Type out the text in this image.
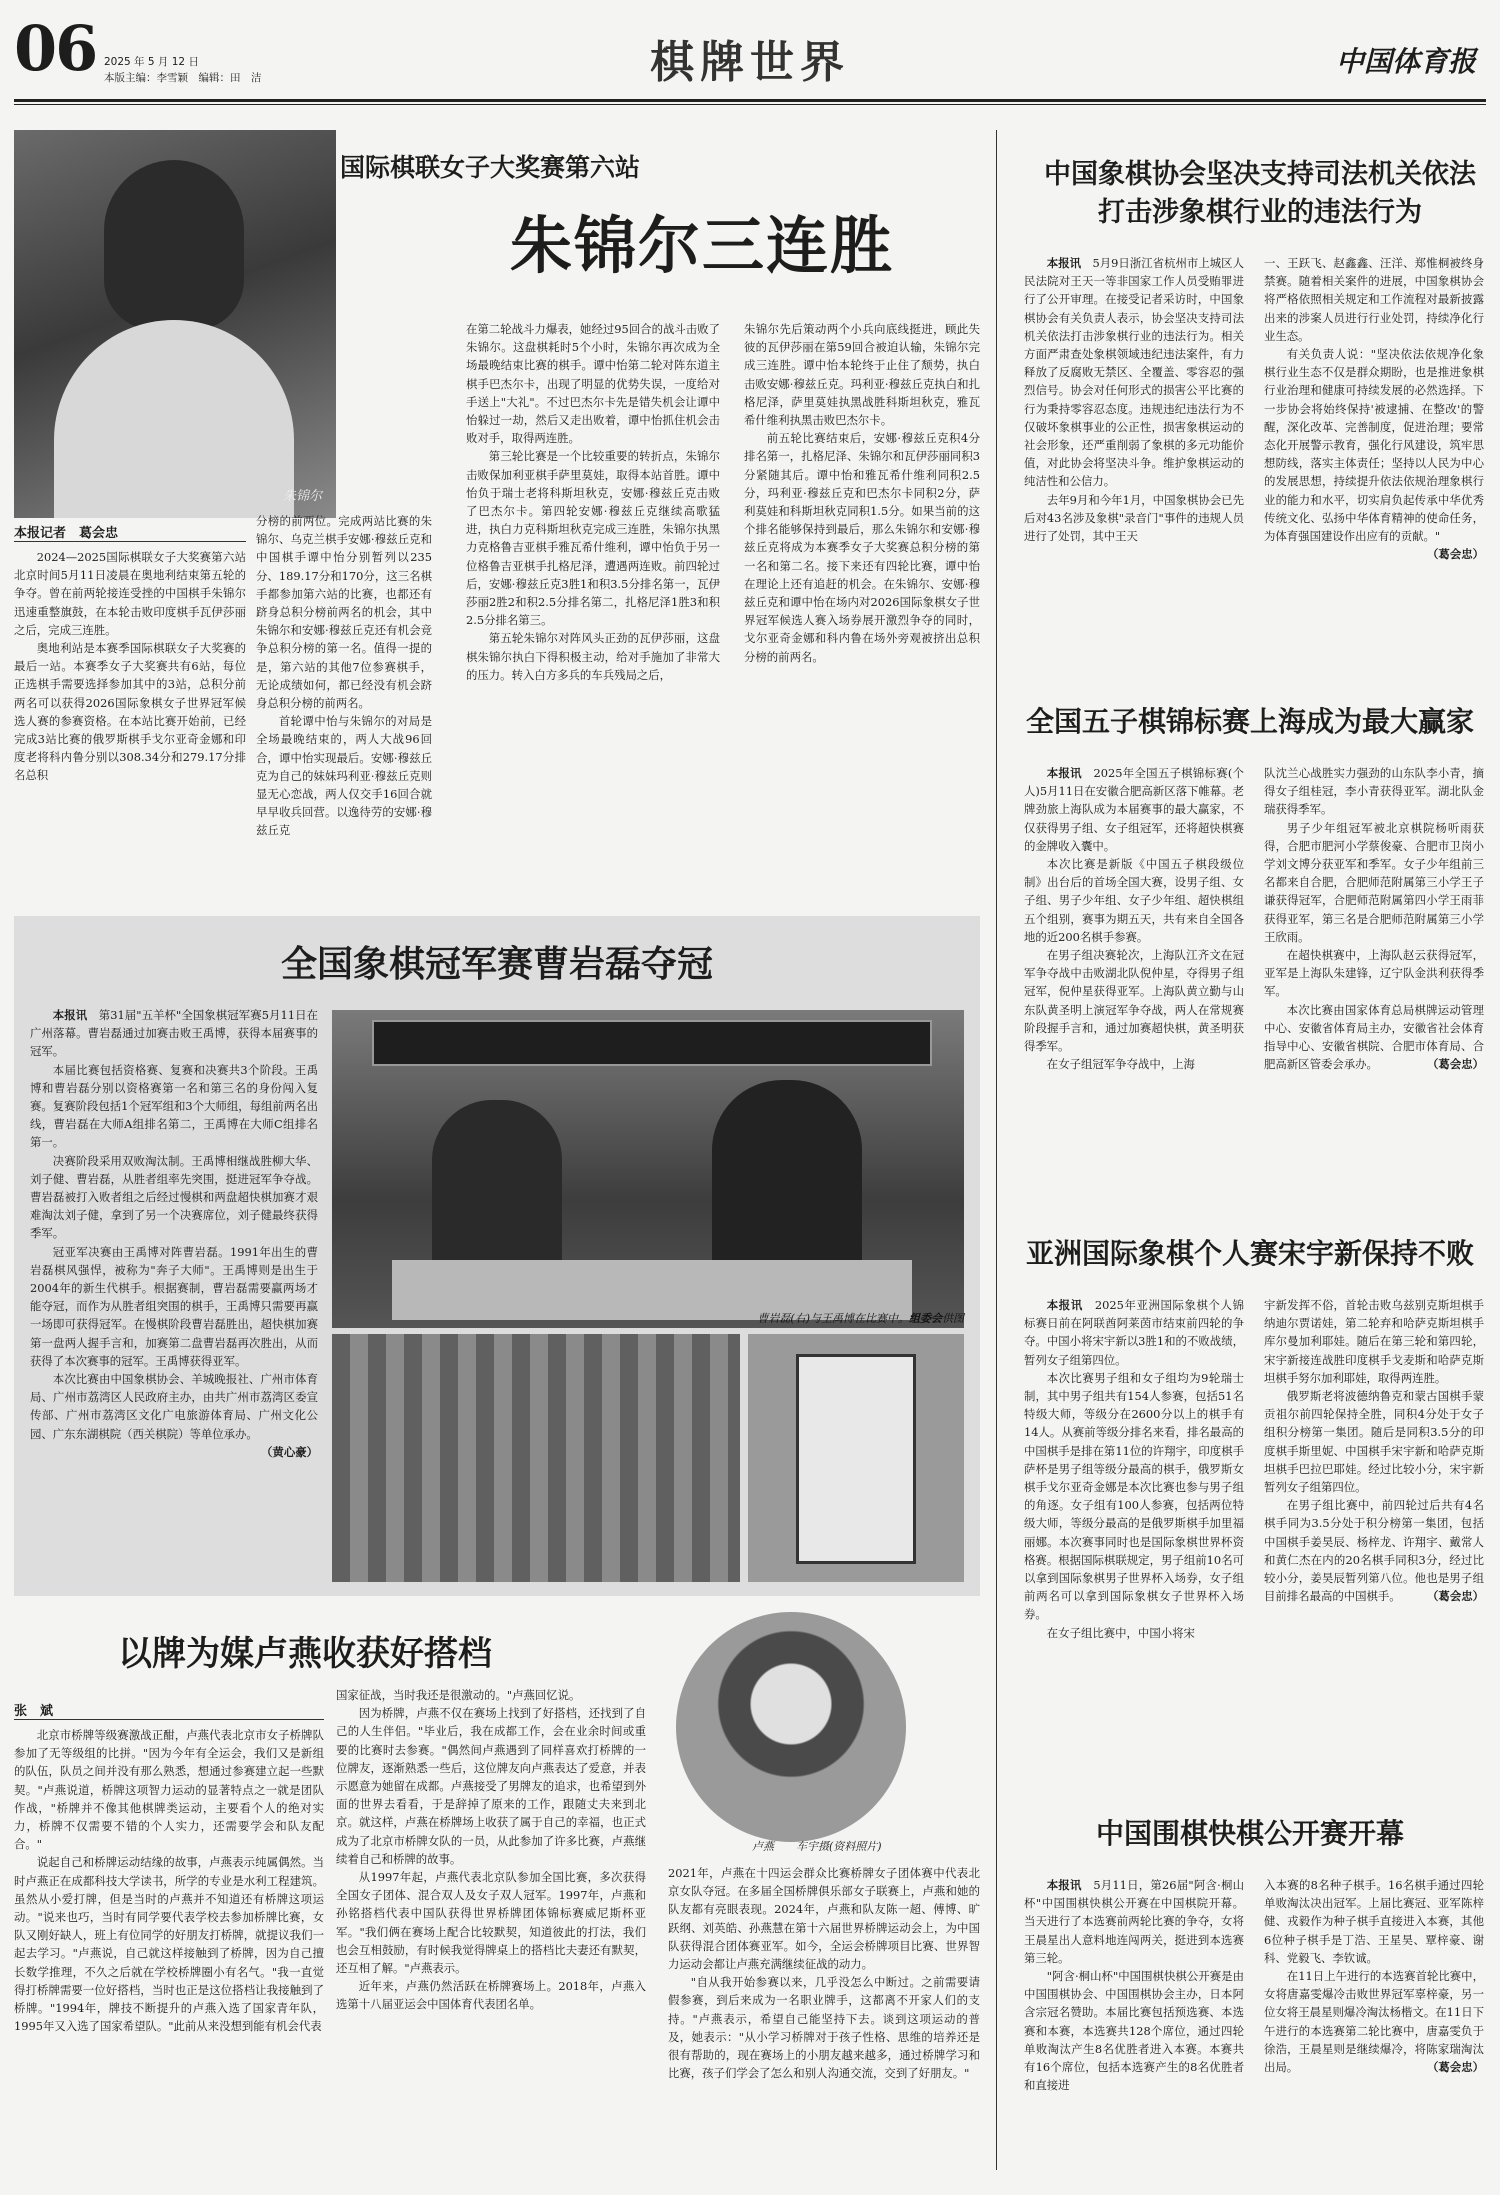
06 2025 年 5 月 12 日
本版主编：李雪颖　编辑：田　洁	棋牌世界	中国体育报
朱锦尔
国际棋联女子大奖赛第六站
朱锦尔三连胜
本报记者　 葛会忠

2024—2025国际棋联女子大奖赛第六站北京时间5月11日凌晨在奥地利结束第五轮的争夺。曾在前两轮接连受挫的中国棋手朱锦尔迅速重整旗鼓，在本轮击败印度棋手瓦伊莎丽之后，完成三连胜。

奥地利站是本赛季国际棋联女子大奖赛的最后一站。本赛季女子大奖赛共有6站，每位正选棋手需要选择参加其中的3站，总积分前两名可以获得2026国际象棋女子世界冠军候选人赛的参赛资格。在本站比赛开始前，已经完成3站比赛的俄罗斯棋手戈尔亚奇金娜和印度老将科内鲁分别以308.34分和279.17分排名总积

分榜的前两位。完成两站比赛的朱锦尔、乌克兰棋手安娜·穆兹丘克和中国棋手谭中怡分别暂列以235分、189.17分和170分，这三名棋手都参加第六站的比赛，也都还有跻身总积分榜前两名的机会，其中朱锦尔和安娜·穆兹丘克还有机会竞争总积分榜的第一名。值得一提的是，第六站的其他7位参赛棋手，无论成绩如何，都已经没有机会跻身总积分榜的前两名。

首轮谭中怡与朱锦尔的对局是全场最晚结束的，两人大战96回合，谭中怡实现最后。安娜·穆兹丘克为自己的妹妹玛利亚·穆兹丘克则显无心恋战，两人仅交手16回合就早早收兵回营。以逸待劳的安娜·穆兹丘克

在第二轮战斗力爆表，她经过95回合的战斗击败了朱锦尔。这盘棋耗时5个小时，朱锦尔再次成为全场最晚结束比赛的棋手。谭中怡第二轮对阵东道主棋手巴杰尔卡，出现了明显的优势失误，一度给对手送上"大礼"。不过巴杰尔卡先是错失机会让谭中怡躲过一劫，然后又走出败着，谭中怡抓住机会击败对手，取得两连胜。

第三轮比赛是一个比较重要的转折点，朱锦尔击败保加利亚棋手萨里莫娃，取得本站首胜。谭中怡负于瑞士老将科斯坦秋克，安娜·穆兹丘克击败了巴杰尔卡。第四轮安娜·穆兹丘克继续高歌猛进，执白力克科斯坦秋克完成三连胜，朱锦尔执黑力克格鲁吉亚棋手雅瓦希什维利，谭中怡负于另一位格鲁吉亚棋手扎格尼泽，遭遇两连败。前四轮过后，安娜·穆兹丘克3胜1和积3.5分排名第一，瓦伊莎丽2胜2和积2.5分排名第二，扎格尼泽1胜3和积2.5分排名第三。

第五轮朱锦尔对阵风头正劲的瓦伊莎丽，这盘棋朱锦尔执白下得积极主动，给对手施加了非常大的压力。转入白方多兵的车兵残局之后，

朱锦尔先后策动两个小兵向底线挺进，顾此失彼的瓦伊莎丽在第59回合被迫认输，朱锦尔完成三连胜。谭中怡本轮终于止住了颓势，执白击败安娜·穆兹丘克。玛利亚·穆兹丘克执白和扎格尼泽，萨里莫娃执黑战胜科斯坦秋克，雅瓦希什维利执黑击败巴杰尔卡。

前五轮比赛结束后，安娜·穆兹丘克积4分排名第一，扎格尼泽、朱锦尔和瓦伊莎丽同积3分紧随其后。谭中怡和雅瓦希什维利同积2.5分，玛利亚·穆兹丘克和巴杰尔卡同积2分，萨利莫娃和科斯坦秋克同积1.5分。如果当前的这个排名能够保持到最后，那么朱锦尔和安娜·穆兹丘克将成为本赛季女子大奖赛总积分榜的第一名和第二名。接下来还有四轮比赛，谭中怡在理论上还有追赶的机会。在朱锦尔、安娜·穆兹丘克和谭中怡在场内对2026国际象棋女子世界冠军候选人赛入场券展开激烈争夺的同时，戈尔亚奇金娜和科内鲁在场外旁观被挤出总积分榜的前两名。

全国象棋冠军赛曹岩磊夺冠

本报讯　 第31届"五羊杯"全国象棋冠军赛5月11日在广州落幕。曹岩磊通过加赛击败王禹博，获得本届赛事的冠军。

本届比赛包括资格赛、复赛和决赛共3个阶段。王禹博和曹岩磊分别以资格赛第一名和第三名的身份闯入复赛。复赛阶段包括1个冠军组和3个大师组，每组前两名出线，曹岩磊在大师A组排名第二，王禹博在大师C组排名第一。

决赛阶段采用双败淘汰制。王禹博相继战胜柳大华、刘子健、曹岩磊，从胜者组率先突围，挺进冠军争夺战。曹岩磊被打入败者组之后经过慢棋和两盘超快棋加赛才艰难淘汰刘子健，拿到了另一个决赛席位，刘子健最终获得季军。

冠亚军决赛由王禹博对阵曹岩磊。1991年出生的曹岩磊棋风强悍，被称为"奔子大师"。王禹博则是出生于2004年的新生代棋手。根据赛制，曹岩磊需要赢两场才能夺冠，而作为从胜者组突围的棋手，王禹博只需要再赢一场即可获得冠军。在慢棋阶段曹岩磊胜出，超快棋加赛第一盘两人握手言和，加赛第二盘曹岩磊再次胜出，从而获得了本次赛事的冠军。王禹博获得亚军。

本次比赛由中国象棋协会、羊城晚报社、广州市体育局、广州市荔湾区人民政府主办，由共广州市荔湾区委宣传部、广州市荔湾区文化广电旅游体育局、广州文化公园、广东东湖棋院（西关棋院）等单位承办。
（黄心豪）

曹岩磊(右)与王禹博在比赛中。组委会供图
以牌为媒卢燕收获好搭档
张　斌

北京市桥牌等级赛激战正酣，卢燕代表北京市女子桥牌队参加了无等级组的比拼。"因为今年有全运会，我们又是新组的队伍，队员之间并没有那么熟悉，想通过参赛建立起一些默契。"卢燕说道，桥牌这项智力运动的显著特点之一就是团队作战，"桥牌并不像其他棋牌类运动，主要看个人的绝对实力，桥牌不仅需要不错的个人实力，还需要学会和队友配合。"

说起自己和桥牌运动结缘的故事，卢燕表示纯属偶然。当时卢燕正在成都科技大学读书，所学的专业是水利工程建筑。虽然从小爱打牌，但是当时的卢燕并不知道还有桥牌这项运动。"说来也巧，当时有同学要代表学校去参加桥牌比赛，女队又刚好缺人，班上有位同学的好朋友打桥牌，就提议我们一起去学习。"卢燕说，自己就这样接触到了桥牌，因为自己擅长数学推理，不久之后就在学校桥牌圈小有名气。"我一直觉得打桥牌需要一位好搭档，当时也正是这位搭档让我接触到了桥牌。"1994年，牌技不断提升的卢燕入选了国家青年队，1995年又入选了国家希望队。"此前从来没想到能有机会代表

国家征战，当时我还是很激动的。"卢燕回忆说。

因为桥牌，卢燕不仅在赛场上找到了好搭档，还找到了自己的人生伴侣。"毕业后，我在成都工作，会在业余时间或重要的比赛时去参赛。"偶然间卢燕遇到了同样喜欢打桥牌的一位牌友，逐渐熟悉一些后，这位牌友向卢燕表达了爱意，并表示愿意为她留在成都。卢燕接受了男牌友的追求，也希望到外面的世界去看看，于是辞掉了原来的工作，跟随丈夫来到北京。就这样，卢燕在桥牌场上收获了属于自己的幸福，也正式成为了北京市桥牌女队的一员，从此参加了许多比赛，卢燕继续着自己和桥牌的故事。

从1997年起，卢燕代表北京队参加全国比赛，多次获得全国女子团体、混合双人及女子双人冠军。1997年，卢燕和孙铭搭档代表中国队获得世界桥牌团体锦标赛威尼斯杯亚军。"我们俩在赛场上配合比较默契，知道彼此的打法，我们也会互相鼓励，有时候我觉得牌桌上的搭档比夫妻还有默契，还互相了解。"卢燕表示。

近年来，卢燕仍然活跃在桥牌赛场上。2018年，卢燕入选第十八届亚运会中国体育代表团名单。

卢燕　　 车宇摄(资料照片)

2021年，卢燕在十四运会群众比赛桥牌女子团体赛中代表北京女队夺冠。在多届全国桥牌俱乐部女子联赛上，卢燕和她的队友都有亮眼表现。2024年，卢燕和队友陈一超、傅博、旷跃纲、刘英皓、孙燕慧在第十六届世界桥牌运动会上，为中国队获得混合团体赛亚军。如今，全运会桥牌项目比赛、世界智力运动会都让卢燕充满继续征战的动力。

"自从我开始参赛以来，几乎没怎么中断过。之前需要请假参赛，到后来成为一名职业牌手，这都离不开家人们的支持。"卢燕表示，希望自己能坚持下去。谈到这项运动的普及，她表示："从小学习桥牌对于孩子性格、思维的培养还是很有帮助的，现在赛场上的小朋友越来越多，通过桥牌学习和比赛，孩子们学会了怎么和别人沟通交流，交到了好朋友。"

中国象棋协会坚决支持司法机关依法打击涉象棋行业的违法行为

本报讯　 5月9日浙江省杭州市上城区人民法院对王天一等非国家工作人员受贿罪进行了公开审理。在接受记者采访时，中国象棋协会有关负责人表示，协会坚决支持司法机关依法打击涉象棋行业的违法行为。相关方面严肃查处象棋领域违纪违法案件，有力释放了反腐败无禁区、全覆盖、零容忍的强烈信号。协会对任何形式的损害公平比赛的行为秉持零容忍态度。违规违纪违法行为不仅破坏象棋事业的公正性，损害象棋运动的社会形象，还严重削弱了象棋的多元功能价值，对此协会将坚决斗争。维护象棋运动的纯洁性和公信力。

去年9月和今年1月，中国象棋协会已先后对43名涉及象棋"录音门"事件的违规人员进行了处罚，其中王天

一、王跃飞、赵鑫鑫、汪洋、郑惟桐被终身禁赛。随着相关案件的进展，中国象棋协会将严格依照相关规定和工作流程对最新披露出来的涉案人员进行行业处罚，持续净化行业生态。

有关负责人说："坚决依法依规净化象棋行业生态不仅是群众期盼，也是推进象棋行业治理和健康可持续发展的必然选择。下一步协会将始终保持'被逮捕、在整改'的警醒，深化改革、完善制度，促进治理；要常态化开展警示教育，强化行风建设，筑牢思想防线，落实主体责任；坚持以人民为中心的发展思想，持续提升依法依规治理象棋行业的能力和水平，切实肩负起传承中华优秀传统文化、弘扬中华体育精神的使命任务，为体育强国建设作出应有的贡献。"
（葛会忠）

全国五子棋锦标赛上海成为最大赢家

本报讯　 2025年全国五子棋锦标赛(个人)5月11日在安徽合肥高新区落下帷幕。老牌劲旅上海队成为本届赛事的最大赢家，不仅获得男子组、女子组冠军，还将超快棋赛的金牌收入囊中。

本次比赛是新版《中国五子棋段级位制》出台后的首场全国大赛，设男子组、女子组、男子少年组、女子少年组、超快棋组五个组别，赛事为期五天，共有来自全国各地的近200名棋手参赛。

在男子组决赛轮次，上海队江齐文在冠军争夺战中击败湖北队倪仲星，夺得男子组冠军，倪仲星获得亚军。上海队黄立勤与山东队黄圣明上演冠军争夺战，两人在常规赛阶段握手言和，通过加赛超快棋，黄圣明获得季军。

在女子组冠军争夺战中，上海

队沈兰心战胜实力强劲的山东队李小青，摘得女子组桂冠，李小青获得亚军。湖北队金瑞获得季军。

男子少年组冠军被北京棋院杨听雨获得，合肥市肥河小学蔡俊豪、合肥市卫岗小学刘文博分获亚军和季军。女子少年组前三名都来自合肥，合肥师范附属第三小学王子谦获得冠军，合肥师范附属第四小学王雨菲获得亚军，第三名是合肥师范附属第三小学王欣雨。

在超快棋赛中，上海队赵云获得冠军，亚军是上海队朱建锋，辽宁队金洪利获得季军。

本次比赛由国家体育总局棋牌运动管理中心、安徽省体育局主办，安徽省社会体育指导中心、安徽省棋院、合肥市体育局、合肥高新区管委会承办。	（葛会忠）

亚洲国际象棋个人赛宋宇新保持不败

本报讯　 2025年亚洲国际象棋个人锦标赛日前在阿联酋阿莱茵市结束前四轮的争夺。中国小将宋宇新以3胜1和的不败战绩，暂列女子组第四位。

本次比赛男子组和女子组均为9轮瑞士制，其中男子组共有154人参赛，包括51名特级大师，等级分在2600分以上的棋手有14人。从赛前等级分排名来看，排名最高的中国棋手是排在第11位的许翔宇，印度棋手萨杯是男子组等级分最高的棋手，俄罗斯女棋手戈尔亚奇金娜是本次比赛也参与男子组的角逐。女子组有100人参赛，包括两位特级大师，等级分最高的是俄罗斯棋手加里福丽娜。本次赛事同时也是国际象棋世界杯资格赛。根据国际棋联规定，男子组前10名可以拿到国际象棋男子世界杯入场券，女子组前两名可以拿到国际象棋女子世界杯入场券。

在女子组比赛中，中国小将宋

宇新发挥不俗，首轮击败乌兹别克斯坦棋手纳迪尔贾诺娃，第二轮弃和哈萨克斯坦棋手库尔曼加利耶娃。随后在第三轮和第四轮，宋宇新接连战胜印度棋手戈麦斯和哈萨克斯坦棋手努尔加利耶娃，取得两连胜。

俄罗斯老将波德纳鲁克和蒙古国棋手蒙贡祖尔前四轮保持全胜，同积4分处于女子组积分榜第一集团。随后是同积3.5分的印度棋手斯里妮、中国棋手宋宇新和哈萨克斯坦棋手巴拉巴耶娃。经过比较小分，宋宇新暂列女子组第四位。

在男子组比赛中，前四轮过后共有4名棋手同为3.5分处于积分榜第一集团，包括中国棋手姜昊辰、杨梓龙、许翔宇、戴常人和黄仁杰在内的20名棋手同积3分，经过比较小分，姜昊辰暂列第八位。他也是男子组目前排名最高的中国棋手。	（葛会忠）

中国围棋快棋公开赛开幕

本报讯　 5月11日，第26届"阿含·桐山杯"中国围棋快棋公开赛在中国棋院开幕。当天进行了本选赛前两轮比赛的争夺，女将王晨星出人意料地连闯两关，挺进到本选赛第三轮。

"阿含·桐山杯"中国围棋快棋公开赛是由中国围棋协会、中国围棋协会主办，日本阿含宗冠名赞助。本届比赛包括预选赛、本选赛和本赛，本选赛共128个席位，通过四轮单败淘汰产生8名优胜者进入本赛。本赛共有16个席位，包括本选赛产生的8名优胜者和直接进

入本赛的8名种子棋手。16名棋手通过四轮单败淘汰决出冠军。上届比赛冠、亚军陈梓健、戎毅作为种子棋手直接进入本赛，其他6位种子棋手是丁浩、王星昊、覃梓豪、谢科、党毅飞、李钦诚。

在11日上午进行的本选赛首轮比赛中，女将唐嘉雯爆冷击败世界冠军辜梓豪，另一位女将王晨星则爆冷淘汰杨楷文。在11日下午进行的本选赛第二轮比赛中，唐嘉雯负于徐浩，王晨星则是继续爆冷，将陈家瑞淘汰出局。	（葛会忠）
